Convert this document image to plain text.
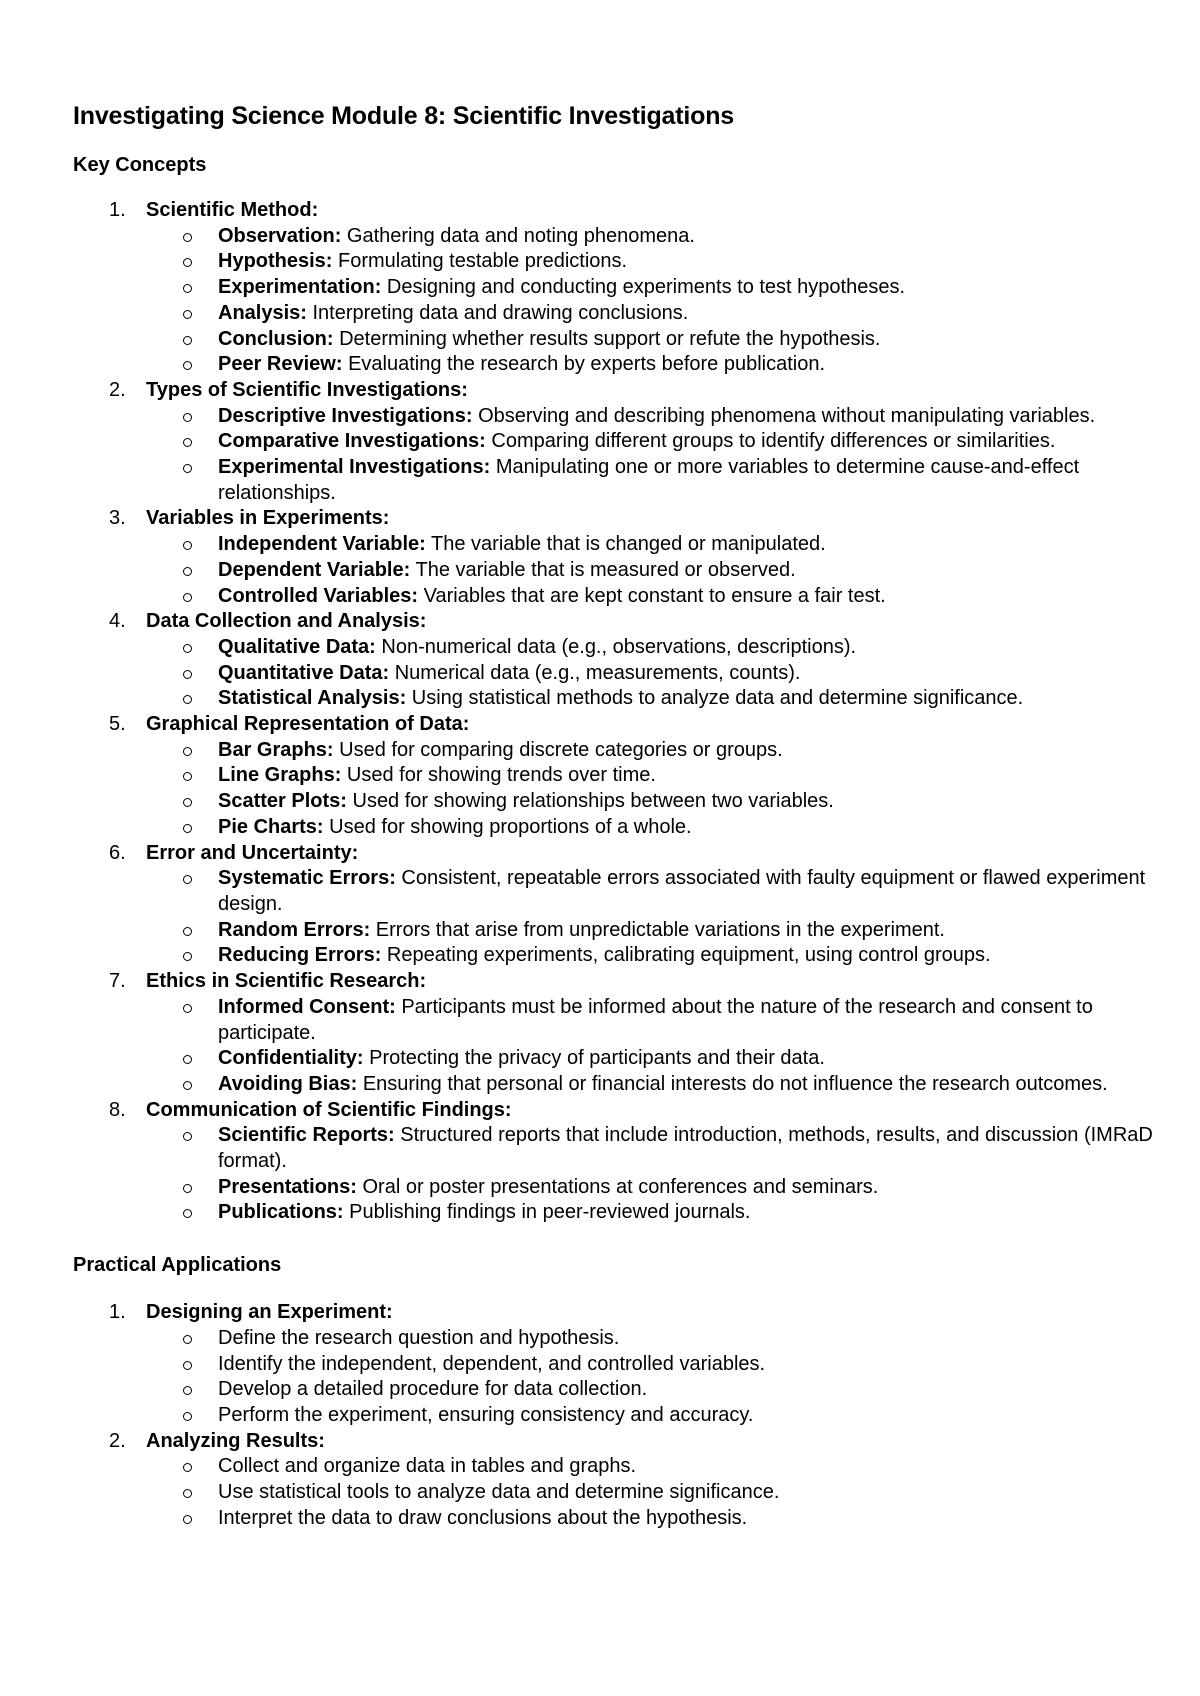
Investigating Science Module 8: Scientific Investigations
Key Concepts
1. Scientific Method:
Observation: Gathering data and noting phenomena.
Hypothesis: Formulating testable predictions.
Experimentation: Designing and conducting experiments to test hypotheses.
Analysis: Interpreting data and drawing conclusions.
Conclusion: Determining whether results support or refute the hypothesis.
Peer Review: Evaluating the research by experts before publication.
2. Types of Scientific Investigations:
Descriptive Investigations: Observing and describing phenomena without manipulating variables.
Comparative Investigations: Comparing different groups to identify differences or similarities.
Experimental Investigations: Manipulating one or more variables to determine cause-and-effect relationships.
3. Variables in Experiments:
Independent Variable: The variable that is changed or manipulated.
Dependent Variable: The variable that is measured or observed.
Controlled Variables: Variables that are kept constant to ensure a fair test.
4. Data Collection and Analysis:
Qualitative Data: Non-numerical data (e.g., observations, descriptions).
Quantitative Data: Numerical data (e.g., measurements, counts).
Statistical Analysis: Using statistical methods to analyze data and determine significance.
5. Graphical Representation of Data:
Bar Graphs: Used for comparing discrete categories or groups.
Line Graphs: Used for showing trends over time.
Scatter Plots: Used for showing relationships between two variables.
Pie Charts: Used for showing proportions of a whole.
6. Error and Uncertainty:
Systematic Errors: Consistent, repeatable errors associated with faulty equipment or flawed experiment design.
Random Errors: Errors that arise from unpredictable variations in the experiment.
Reducing Errors: Repeating experiments, calibrating equipment, using control groups.
7. Ethics in Scientific Research:
Informed Consent: Participants must be informed about the nature of the research and consent to participate.
Confidentiality: Protecting the privacy of participants and their data.
Avoiding Bias: Ensuring that personal or financial interests do not influence the research outcomes.
8. Communication of Scientific Findings:
Scientific Reports: Structured reports that include introduction, methods, results, and discussion (IMRaD format).
Presentations: Oral or poster presentations at conferences and seminars.
Publications: Publishing findings in peer-reviewed journals.
Practical Applications
1. Designing an Experiment:
Define the research question and hypothesis.
Identify the independent, dependent, and controlled variables.
Develop a detailed procedure for data collection.
Perform the experiment, ensuring consistency and accuracy.
2. Analyzing Results:
Collect and organize data in tables and graphs.
Use statistical tools to analyze data and determine significance.
Interpret the data to draw conclusions about the hypothesis.
